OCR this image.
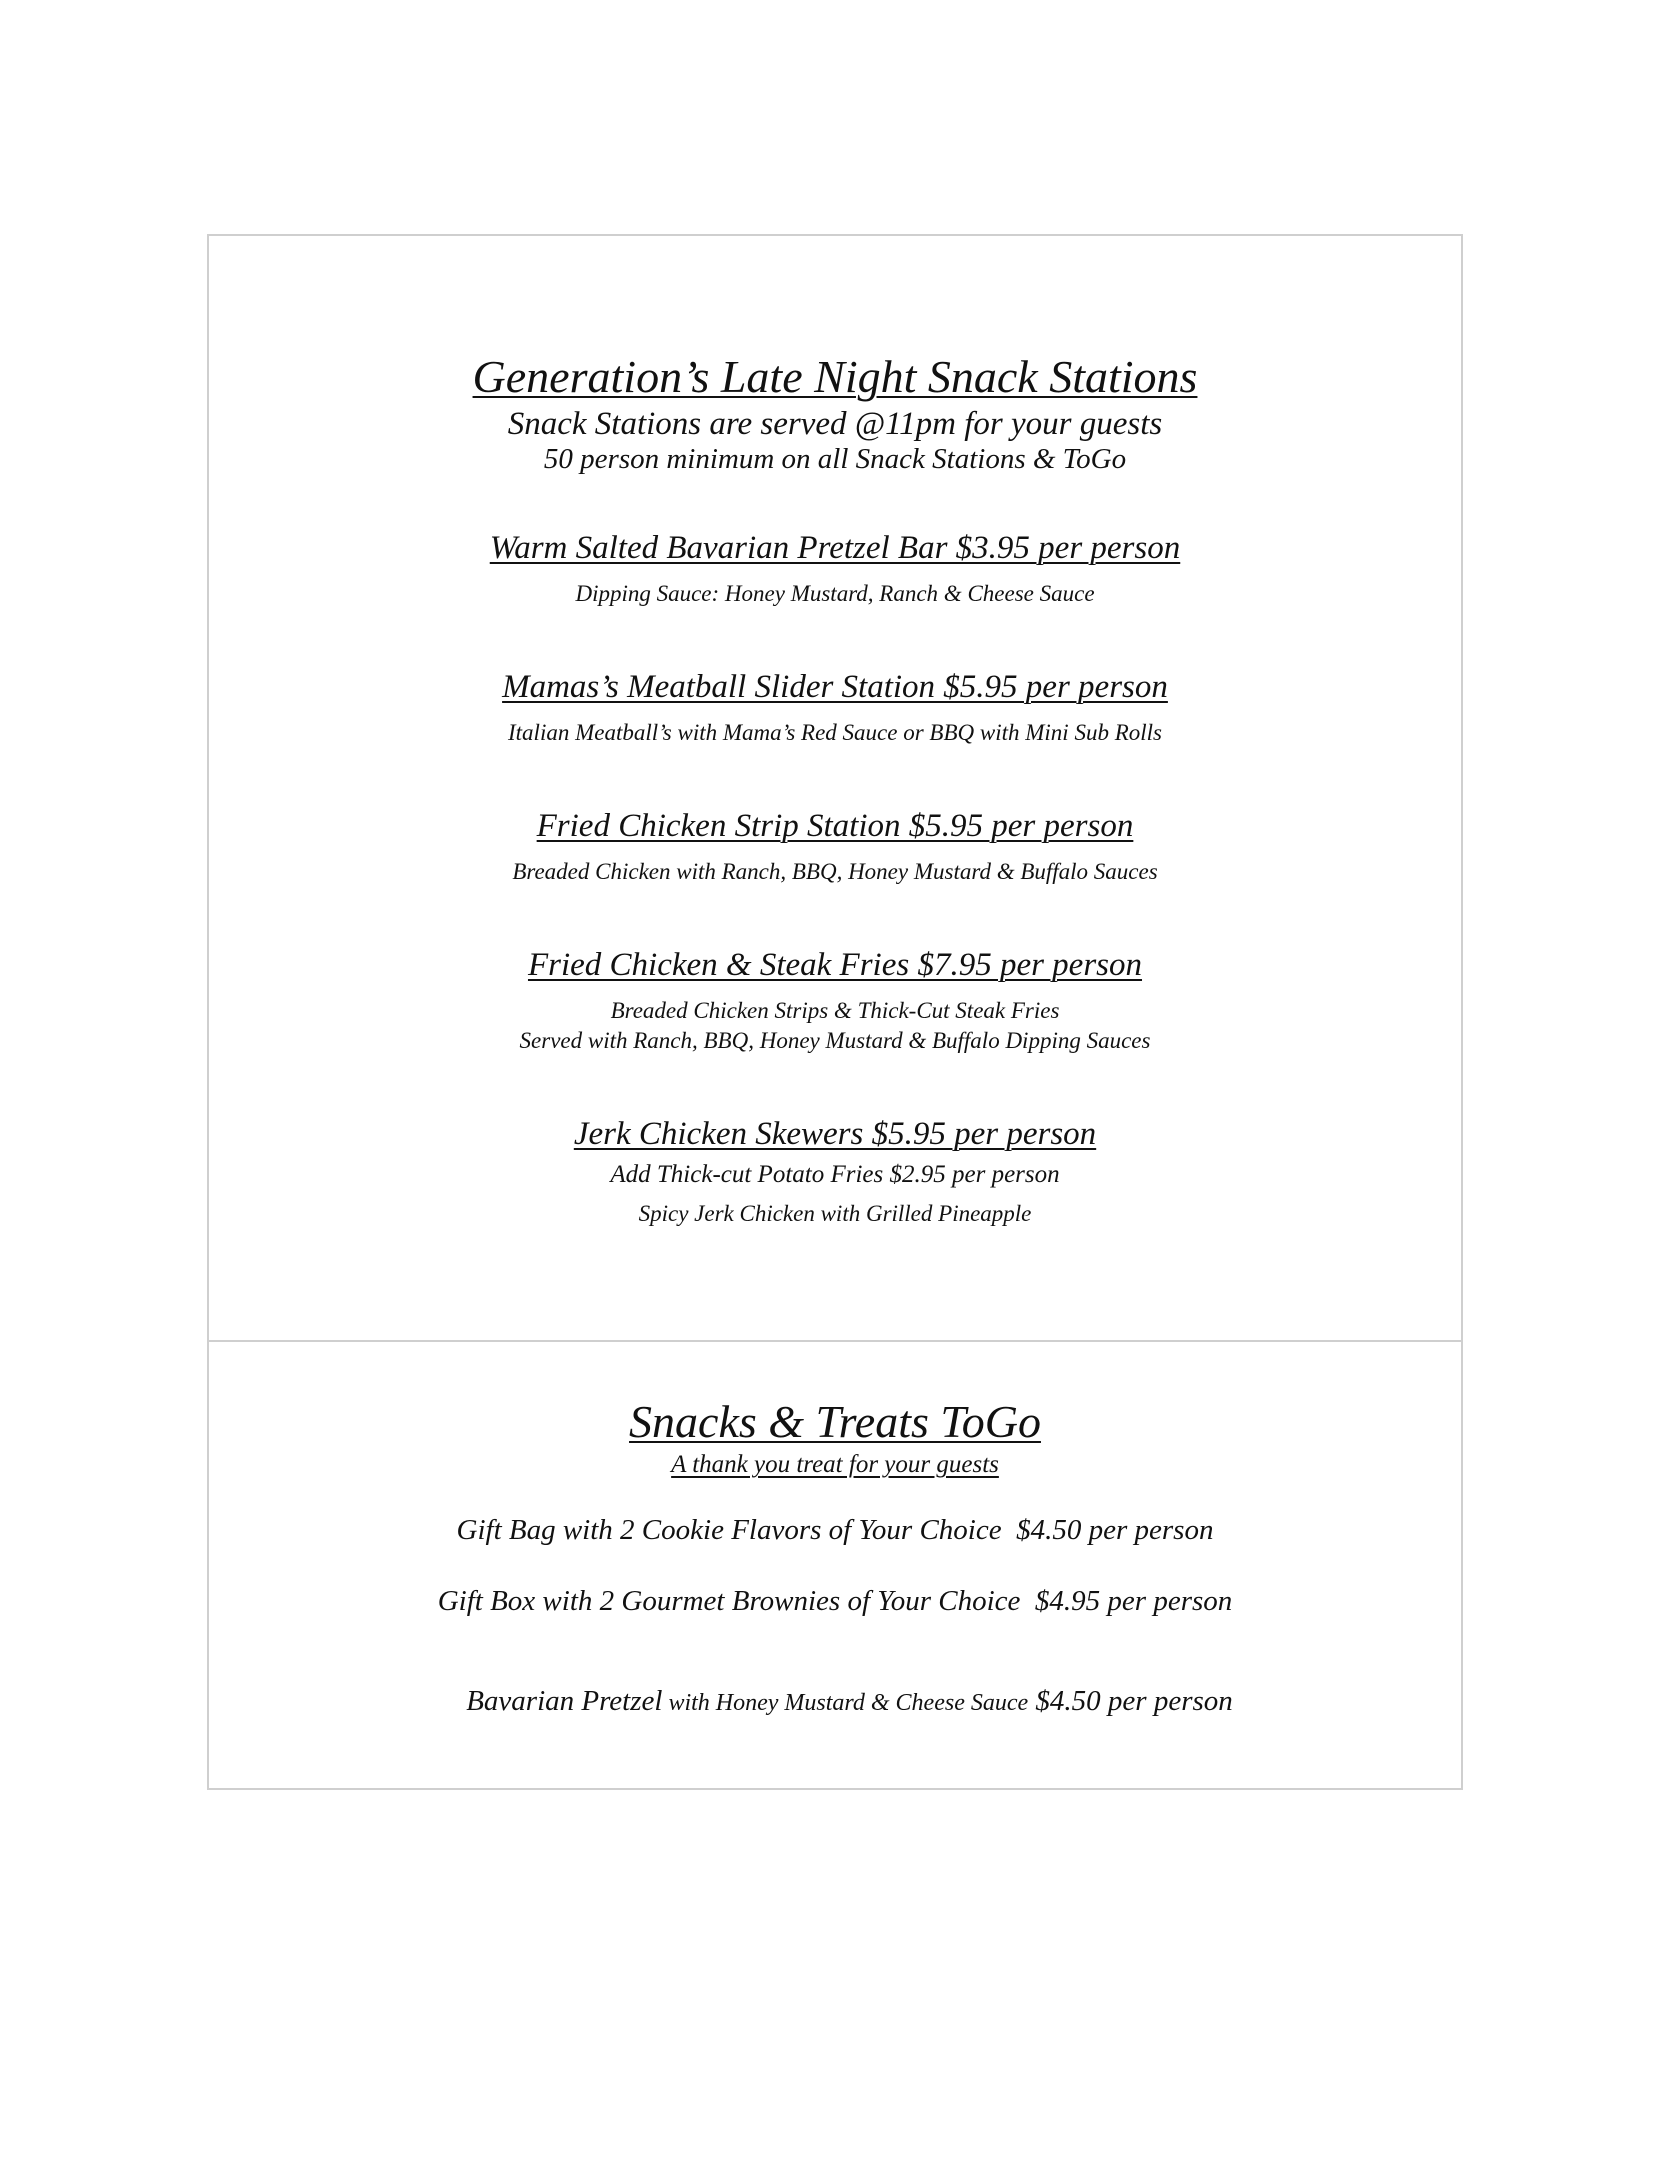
Generation’s Late Night Snack Stations
Snack Stations are served @11pm for your guests
50 person minimum on all Snack Stations & ToGo
Warm Salted Bavarian Pretzel Bar $3.95 per person
Dipping Sauce: Honey Mustard, Ranch & Cheese Sauce
Mamas’s Meatball Slider Station $5.95 per person
Italian Meatball’s with Mama’s Red Sauce or BBQ with Mini Sub Rolls
Fried Chicken Strip Station $5.95 per person
Breaded Chicken with Ranch, BBQ, Honey Mustard & Buffalo Sauces
Fried Chicken & Steak Fries $7.95 per person
Breaded Chicken Strips & Thick-Cut Steak Fries
Served with Ranch, BBQ, Honey Mustard & Buffalo Dipping Sauces
Jerk Chicken Skewers $5.95 per person
Add Thick-cut Potato Fries $2.95 per person
Spicy Jerk Chicken with Grilled Pineapple
Snacks & Treats ToGo
A thank you treat for your guests
Gift Bag with 2 Cookie Flavors of Your Choice  $4.50 per person
Gift Box with 2 Gourmet Brownies of Your Choice  $4.95 per person

Bavarian Pretzel with Honey Mustard & Cheese Sauce $4.50 per person
